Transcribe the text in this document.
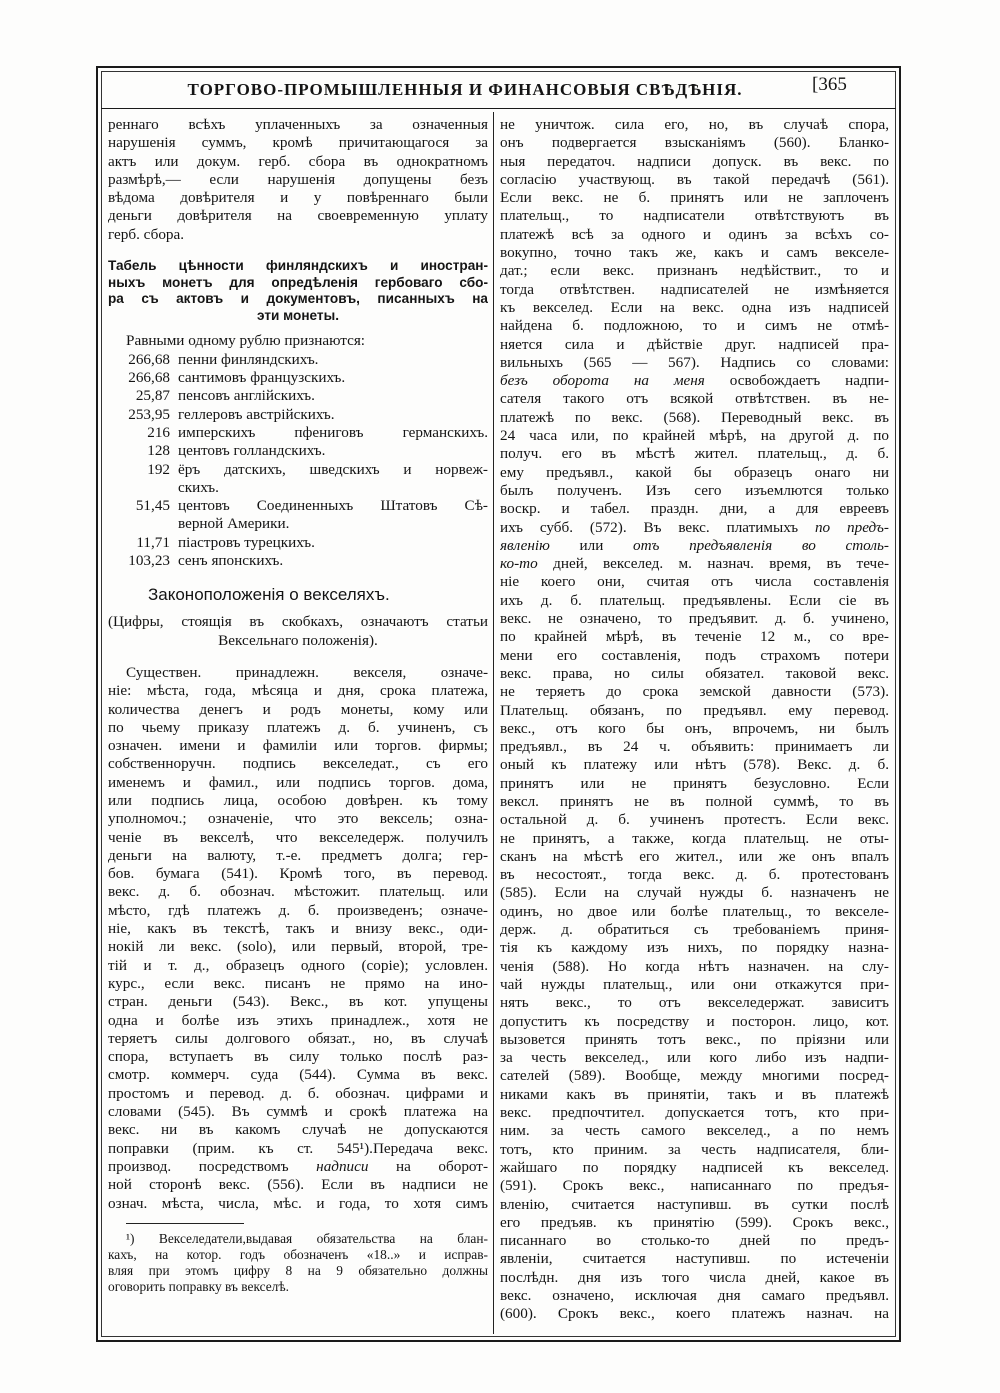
ТОРГОВО-ПРОМЫШЛЕННЫЯ И ФИНАНСОВЫЯ СВѢДѢНІЯ.	[365
реннаго всѣхъ уплаченныхъ за означенныя
нарушенія суммъ, кромѣ причитающагося за
актъ или докум. герб. сбора въ однократномъ
размѣрѣ,— если нарушенія допущены безъ
вѣдома довѣрителя и у повѣреннаго были
деньги довѣрителя на своевременную уплату
герб. сбора.
Табель цѣнности финляндскихъ и иностран-
ныхъ монетъ для опредѣленія гербоваго сбо-
ра съ актовъ и документовъ, писанныхъ на
эти монеты.
Равными одному рублю признаются:
266,68 пенни финляндскихъ.
266,68 сантимовъ французскихъ.
25,87 пенсовъ англійскихъ.
253,95 геллеровъ австрійскихъ.
216 имперскихъ пфениговъ германскихъ.
128 центовъ голландскихъ.
192 ёръ датскихъ, шведскихъ и норвеж-
скихъ.
51,45 центовъ Соединенныхъ Штатовъ Сѣ-
верной Америки.
11,71 піастровъ турецкихъ.
103,23 сенъ японскихъ.
Законоположенія о векселяхъ.
(Цифры, стоящія въ скобкахъ, означаютъ статьи
Вексельнаго положенія).
Существен. принадлежн. векселя, означе-
ніе: мѣста, года, мѣсяца и дня, срока платежа,
количества денегъ и родъ монеты, кому или
по чьему приказу платежъ д. б. учиненъ, съ
означен. имени и фамиліи или торгов. фирмы;
собственноручн. подпись векселедат., съ его
именемъ и фамил., или подпись торгов. дома,
или подпись лица, особою довѣрен. къ тому
уполномоч.; означеніе, что это вексель; озна-
ченіе въ векселѣ, что векселедерж. получилъ
деньги на валюту, т.-е. предметъ долга; гер-
бов. бумага (541). Кромѣ того, въ перевод.
векс. д. б. обознач. мѣстожит. плательщ. или
мѣсто, гдѣ платежъ д. б. произведенъ; означе-
ніе, какъ въ текстѣ, такъ и внизу векс., оди-
нокій ли векс. (solo), или первый, второй, тре-
тій и т. д., образецъ одного (copie); условлен.
курс., если векс. писанъ не прямо на ино-
стран. деньги (543). Векс., въ кот. упущены
одна и болѣе изъ этихъ принадлеж., хотя не
теряетъ силы долгового обязат., но, въ случаѣ
спора, вступаетъ въ силу только послѣ раз-
смотр. коммерч. суда (544). Сумма въ векс.
простомъ и перевод. д. б. обознач. цифрами и
словами (545). Въ суммѣ и срокѣ платежа на
векс. ни въ какомъ случаѣ не допускаются
поправки (прим. къ ст. 545¹).Передача векс.
производ. посредствомъ надписи на оборот-
ной сторонѣ векс. (556). Если въ надписи не
означ. мѣста, числа, мѣс. и года, то хотя симъ
¹) Векселедатели,выдавая обязательства на блан-
кахъ, на котор. годъ обозначенъ «18..» и исправ-
вляя при этомъ цифру 8 на 9 обязательно должны
оговорить поправку въ векселѣ.
не уничтож. сила его, но, въ случаѣ спора,
онъ подвергается взысканіямъ (560). Бланко-
ныя передаточ. надписи допуск. въ векс. по
согласію участвующ. въ такой передачѣ (561).
Если векс. не б. принятъ или не заплоченъ
плательщ., то надписатели отвѣтствуютъ въ
платежѣ всѣ за одного и одинъ за всѣхъ со-
вокупно, точно такъ же, какъ и самъ векселе-
дат.; если векс. признанъ недѣйствит., то и
тогда отвѣтствен. надписателей не измѣняется
къ векселед. Если на векс. одна изъ надписей
найдена б. подложною, то и симъ не отмѣ-
няется сила и дѣйствіе друг. надписей пра-
вильныхъ (565 — 567). Надпись со словами:
безъ оборота на меня освобождаетъ надпи-
сателя такого отъ всякой отвѣтствен. въ не-
платежѣ по векс. (568). Переводный векс. въ
24 часа или, по крайней мѣрѣ, на другой д. по
получ. его въ мѣстѣ жител. плательщ., д. б.
ему предъявл., какой бы образецъ онаго ни
былъ полученъ. Изъ сего изъемлются только
воскр. и табел. праздн. дни, а для евреевъ
ихъ субб. (572). Въ векс. платимыхъ по предъ-
явленію или отъ предъявленія во столь-
ко-то дней, векселед. м. назнач. время, въ тече-
ніе коего они, считая отъ числа составленія
ихъ д. б. плательщ. предъявлены. Если сіе въ
векс. не означено, то предъявит. д. б. учинено,
по крайней мѣрѣ, въ теченіе 12 м., со вре-
мени его составленія, подъ страхомъ потери
векс. права, но силы обязател. таковой векс.
не теряетъ до срока земской давности (573).
Плательщ. обязанъ, по предъявл. ему перевод.
векс., отъ кого бы онъ, впрочемъ, ни былъ
предъявл., въ 24 ч. объявить: принимаетъ ли
оный къ платежу или нѣтъ (578). Векс. д. б.
принятъ или не принятъ безусловно. Если
вексл. принятъ не въ полной суммѣ, то въ
остальной д. б. учиненъ протестъ. Если векс.
не принятъ, а также, когда плательщ. не оты-
сканъ на мѣстѣ его жител., или же онъ впалъ
въ несостоят., тогда векс. д. б. протестованъ
(585). Если на случай нужды б. назначенъ не
одинъ, но двое или болѣе плательщ., то векселе-
держ. д. обратиться съ требованіемъ приня-
тія къ каждому изъ нихъ, по порядку назна-
ченія (588). Но когда нѣтъ назначен. на слу-
чай нужды плательщ., или они откажутся при-
нять векс., то отъ векселедержат. зависитъ
допуститъ къ посредству и посторон. лицо, кот.
вызовется принять тотъ векс., по пріязни или
за честь векселед., или кого либо изъ надпи-
сателей (589). Вообще, между многими посред-
никами какъ въ принятіи, такъ и въ платежѣ
векс. предпочтител. допускается тотъ, кто при-
ним. за честь самого векселед., а по немъ
тотъ, кто приним. за честь надписателя, бли-
жайшаго по порядку надписей къ векселед.
(591). Срокъ векс., написаннаго по предъя-
вленію, считается наступивш. въ сутки послѣ
его предъяв. къ принятію (599). Срокъ векс.,
писаннаго во столько-то дней по предъ-
явленіи, считается наступивш. по истеченіи
послѣдн. дня изъ того числа дней, какое въ
векс. означено, исключая дня самаго предъявл.
(600). Срокъ векс., коего платежъ назнач. на
